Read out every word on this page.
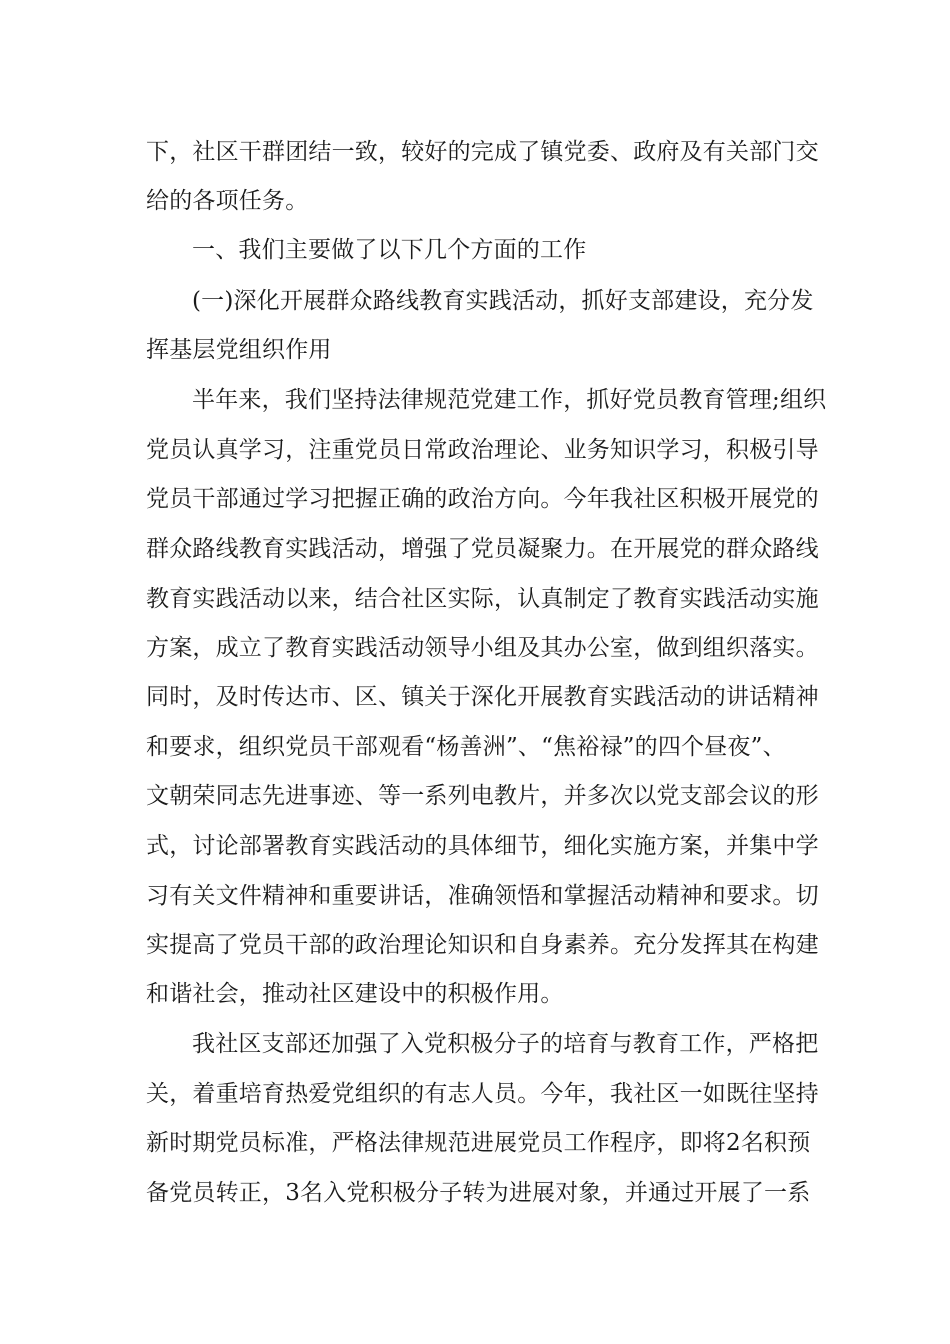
下，社区干群团结一致，较好的完成了镇党委、政府及有关部门交
给的各项任务。
一、我们主要做了以下几个方面的工作
(一)深化开展群众路线教育实践活动，抓好支部建设，充分发
挥基层党组织作用
半年来，我们坚持法律规范党建工作，抓好党员教育管理;组织
党员认真学习，注重党员日常政治理论、业务知识学习，积极引导
党员干部通过学习把握正确的政治方向。今年我社区积极开展党的
群众路线教育实践活动，增强了党员凝聚力。在开展党的群众路线
教育实践活动以来，结合社区实际，认真制定了教育实践活动实施
方案，成立了教育实践活动领导小组及其办公室，做到组织落实。
同时，及时传达市、区、镇关于深化开展教育实践活动的讲话精神
和要求，组织党员干部观看“杨善洲”、“焦裕禄”的四个昼夜”、
文朝荣同志先进事迹、等一系列电教片，并多次以党支部会议的形
式，讨论部署教育实践活动的具体细节，细化实施方案，并集中学
习有关文件精神和重要讲话，准确领悟和掌握活动精神和要求。切
实提高了党员干部的政治理论知识和自身素养。充分发挥其在构建
和谐社会，推动社区建设中的积极作用。
我社区支部还加强了入党积极分子的培育与教育工作，严格把
关，着重培育热爱党组织的有志人员。今年，我社区一如既往坚持
新时期党员标准，严格法律规范进展党员工作程序，即将2名积预
备党员转正，3名入党积极分子转为进展对象，并通过开展了一系
